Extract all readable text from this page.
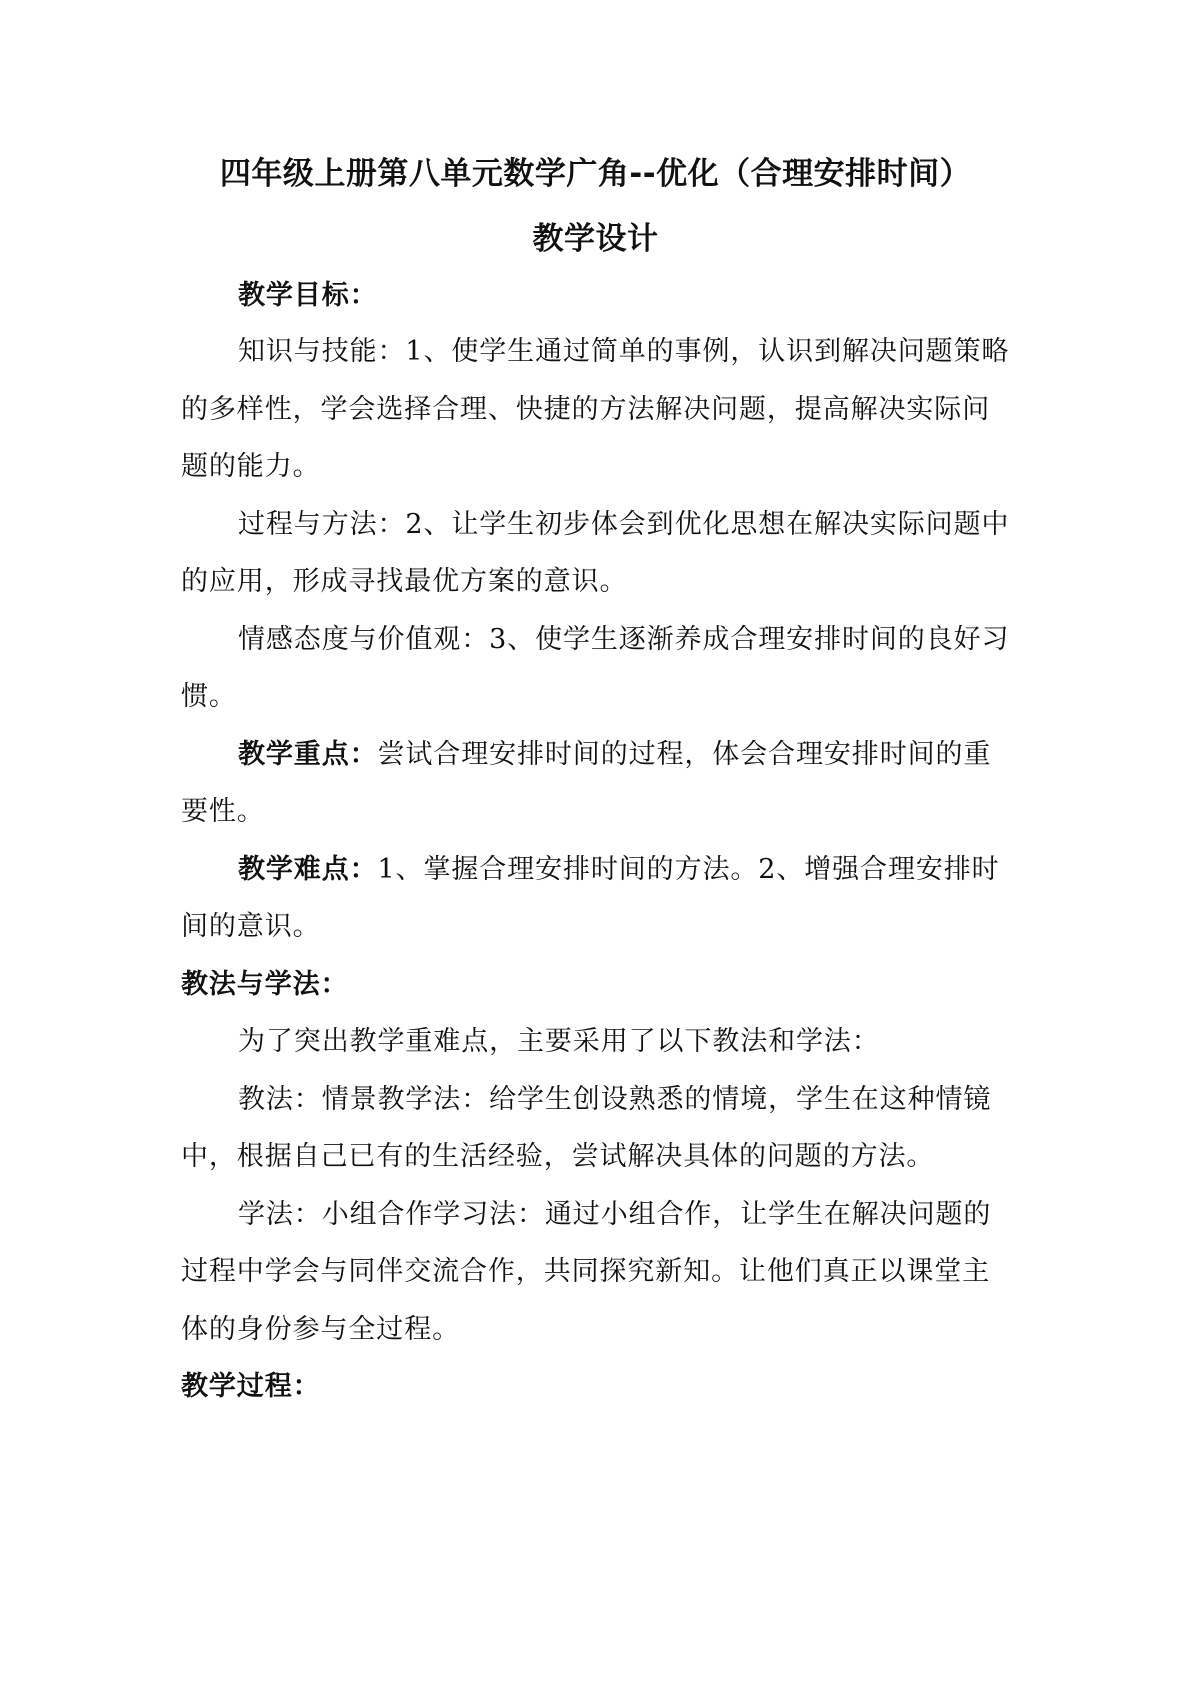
四年级上册第八单元数学广角--优化（合理安排时间）
教学设计
教学目标：
知识与技能：1、使学生通过简单的事例，认识到解决问题策略
的多样性，学会选择合理、快捷的方法解决问题，提高解决实际问
题的能力。
过程与方法：2、让学生初步体会到优化思想在解决实际问题中
的应用，形成寻找最优方案的意识。
情感态度与价值观：3、使学生逐渐养成合理安排时间的良好习
惯。
教学重点：尝试合理安排时间的过程，体会合理安排时间的重
要性。
教学难点：1、掌握合理安排时间的方法。2、增强合理安排时
间的意识。
教法与学法：
为了突出教学重难点，主要采用了以下教法和学法：
教法：情景教学法：给学生创设熟悉的情境，学生在这种情镜
中，根据自己已有的生活经验，尝试解决具体的问题的方法。
学法：小组合作学习法：通过小组合作，让学生在解决问题的
过程中学会与同伴交流合作，共同探究新知。让他们真正以课堂主
体的身份参与全过程。
教学过程：
